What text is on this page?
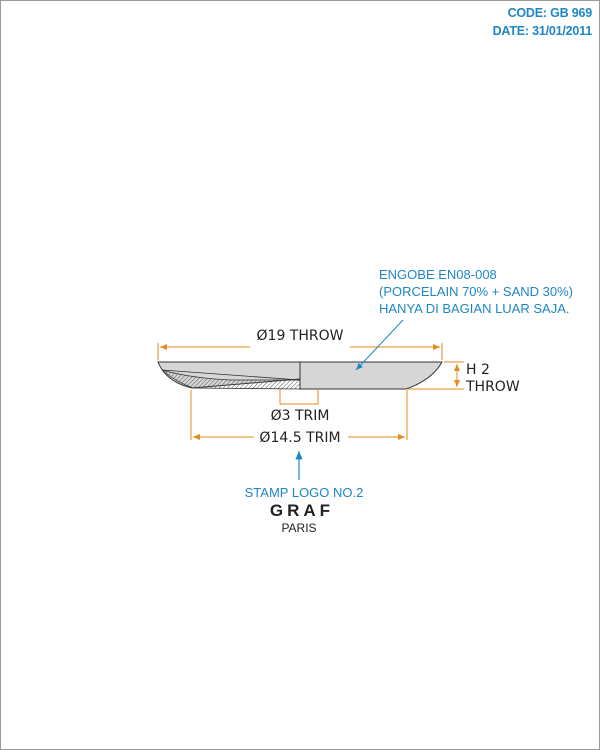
CODE: GB 969
DATE: 31/01/2011
Ø19 THROW
H 2
THROW
Ø3 TRIM
Ø14.5 TRIM
ENGOBE EN08-008
(PORCELAIN 70% + SAND 30%)
HANYA DI BAGIAN LUAR SAJA.
STAMP LOGO NO.2
GRAF
PARIS
